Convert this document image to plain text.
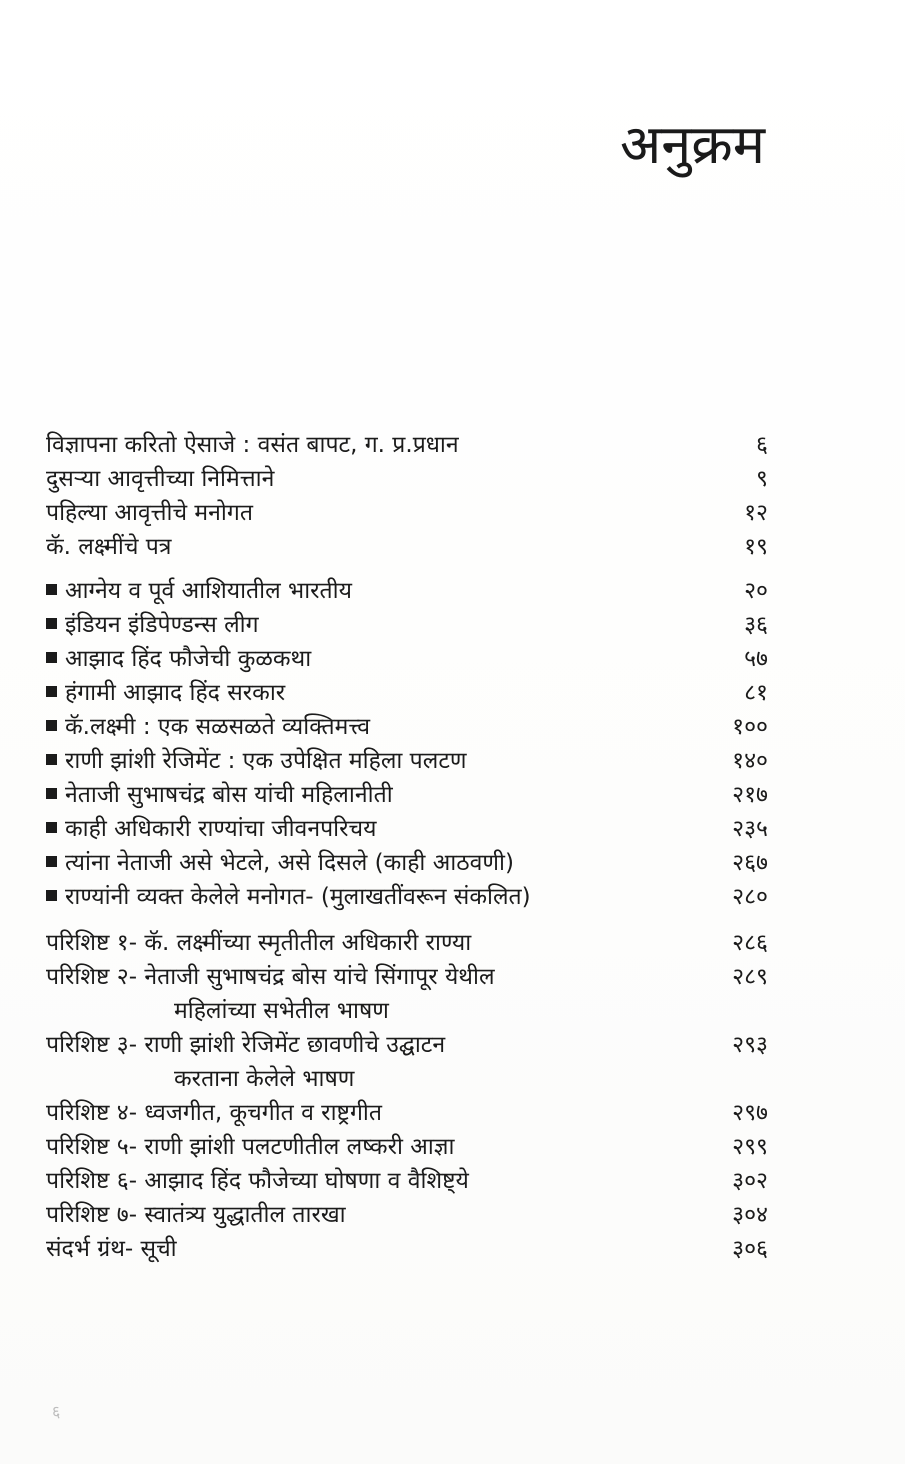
अनुक्रम
विज्ञापना करितो ऐसाजे : वसंत बापट, ग. प्र.प्रधान	६
दुसऱ्या आवृत्तीच्या निमित्ताने	९
पहिल्या आवृत्तीचे मनोगत	१२
कॅ. लक्ष्मींचे पत्र	१९
आग्नेय व पूर्व आशियातील भारतीय	२०
इंडियन इंडिपेण्डन्स लीग	३६
आझाद हिंद फौजेची कुळकथा	५७
हंगामी आझाद हिंद सरकार	८१
कॅ.लक्ष्मी : एक सळसळते व्यक्तिमत्त्व	१००
राणी झांशी रेजिमेंट : एक उपेक्षित महिला पलटण	१४०
नेताजी सुभाषचंद्र बोस यांची महिलानीती	२१७
काही अधिकारी राण्यांचा जीवनपरिचय	२३५
त्यांना नेताजी असे भेटले, असे दिसले (काही आठवणी)	२६७
राण्यांनी व्यक्त केलेले मनोगत- (मुलाखतींवरून संकलित)	२८०
परिशिष्ट १- कॅ. लक्ष्मींच्या स्मृतीतील अधिकारी राण्या	२८६
परिशिष्ट २- नेताजी सुभाषचंद्र बोस यांचे सिंगापूर येथील	२८९
महिलांच्या सभेतील भाषण
परिशिष्ट ३- राणी झांशी रेजिमेंट छावणीचे उद्घाटन	२९३
करताना केलेले भाषण
परिशिष्ट ४- ध्वजगीत, कूचगीत व राष्ट्रगीत	२९७
परिशिष्ट ५- राणी झांशी पलटणीतील लष्करी आज्ञा	२९९
परिशिष्ट ६- आझाद हिंद फौजेच्या घोषणा व वैशिष्ट्ये	३०२
परिशिष्ट ७- स्वातंत्र्य युद्धातील तारखा	३०४
संदर्भ ग्रंथ- सूची	३०६
६
